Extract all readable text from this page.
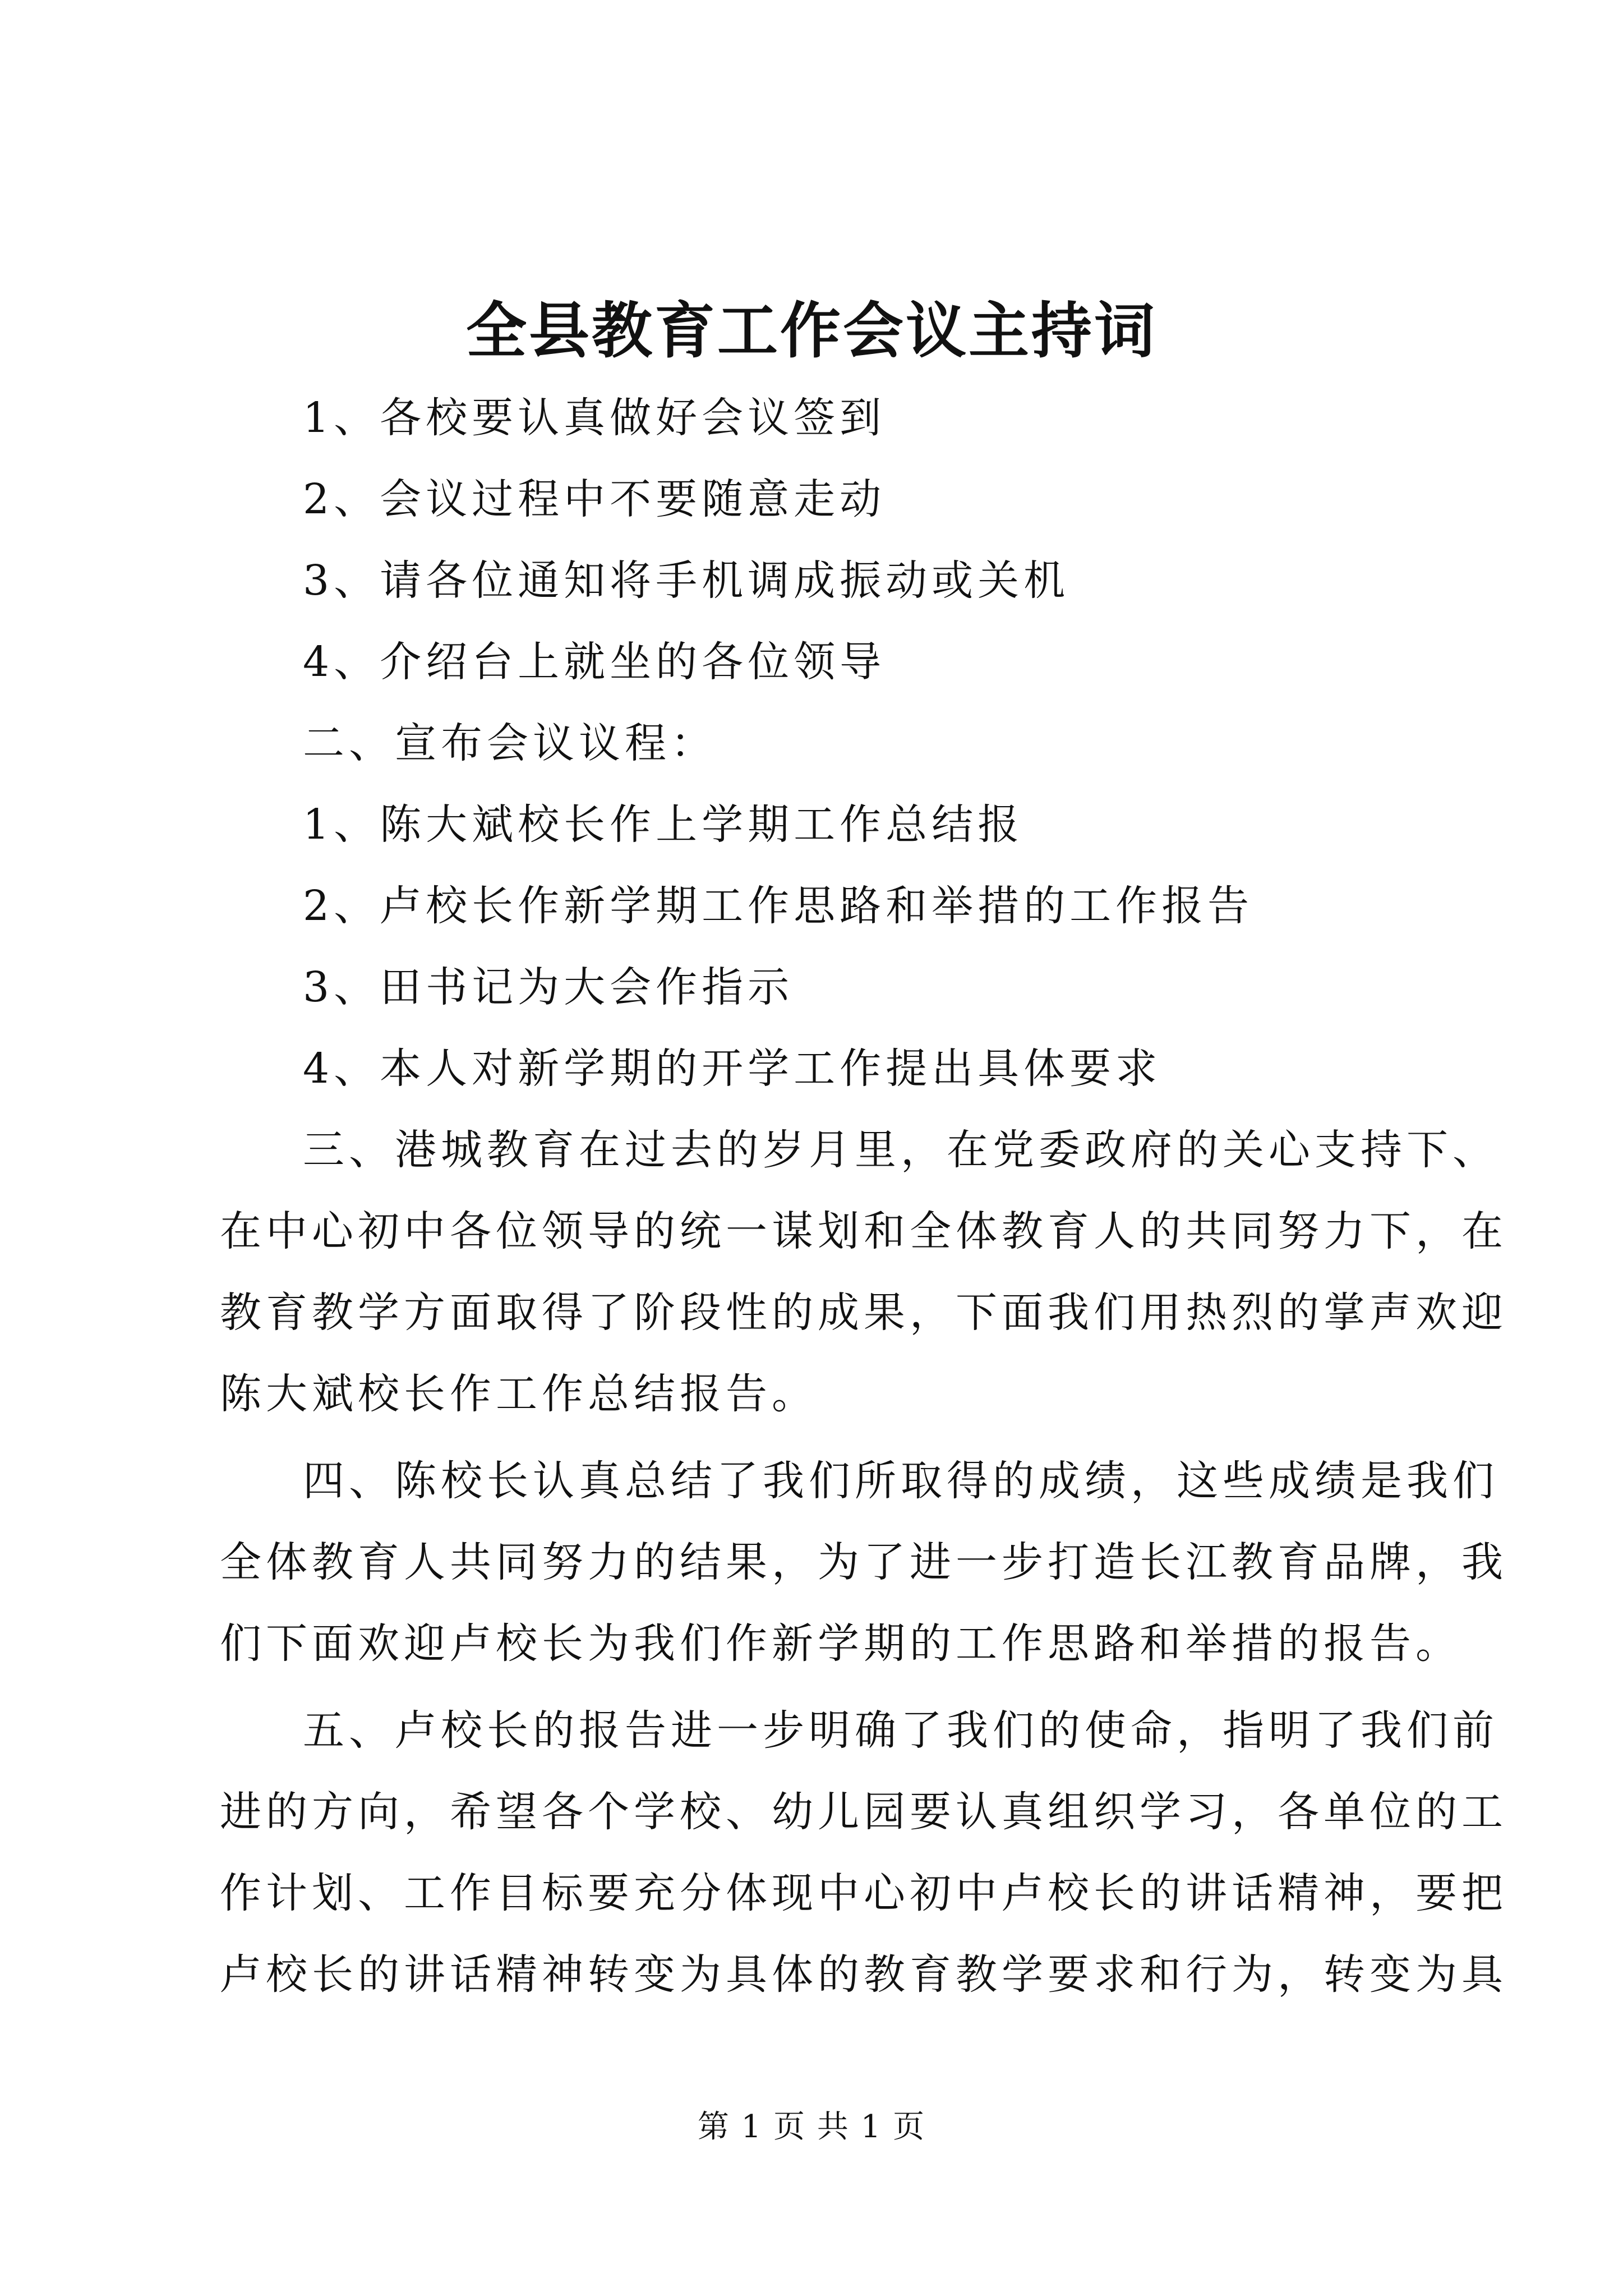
全县教育工作会议主持词
1、各校要认真做好会议签到
2、会议过程中不要随意走动
3、请各位通知将手机调成振动或关机
4、介绍台上就坐的各位领导
二、宣布会议议程：
1、陈大斌校长作上学期工作总结报
2、卢校长作新学期工作思路和举措的工作报告
3、田书记为大会作指示
4、本人对新学期的开学工作提出具体要求
三、港城教育在过去的岁月里，在党委政府的关心支持下、
在中心初中各位领导的统一谋划和全体教育人的共同努力下，在
教育教学方面取得了阶段性的成果，下面我们用热烈的掌声欢迎
陈大斌校长作工作总结报告。
四、陈校长认真总结了我们所取得的成绩，这些成绩是我们
全体教育人共同努力的结果，为了进一步打造长江教育品牌，我
们下面欢迎卢校长为我们作新学期的工作思路和举措的报告。
五、卢校长的报告进一步明确了我们的使命，指明了我们前
进的方向，希望各个学校、幼儿园要认真组织学习，各单位的工
作计划、工作目标要充分体现中心初中卢校长的讲话精神，要把
卢校长的讲话精神转变为具体的教育教学要求和行为，转变为具
第 1 页 共 1 页
